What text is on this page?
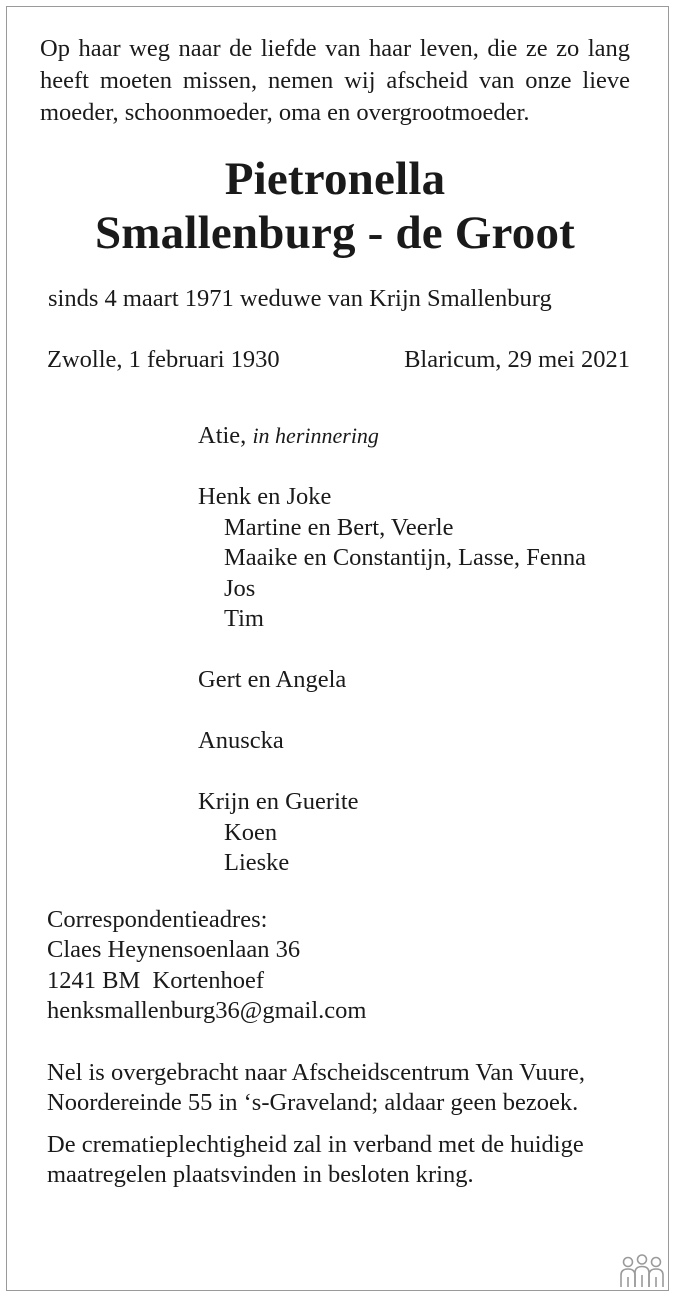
Op haar weg naar de liefde van haar leven, die ze zo lang heeft moeten missen, nemen wij afscheid van onze lieve moeder, schoonmoeder, oma en overgrootmoeder.

Pietronella
Smallenburg - de Groot

sinds 4 maart 1971 weduwe van Krijn Smallenburg

Zwolle, 1 februari 1930	Blaricum, 29 mei 2021
Atie, in herinnering
Henk en Joke
Martine en Bert, Veerle
Maaike en Constantijn, Lasse, Fenna
Jos
Tim
Gert en Angela
Anuscka
Krijn en Guerite
Koen
Lieske
Correspondentieadres:
Claes Heynensoenlaan 36
1241 BM  Kortenhoef
henksmallenburg36@gmail.com

Nel is overgebracht naar Afscheidscentrum Van Vuure, Noordereinde 55 in ‘s-Graveland; aldaar geen bezoek.

De crematieplechtigheid zal in verband met de huidige maatregelen plaatsvinden in besloten kring.
